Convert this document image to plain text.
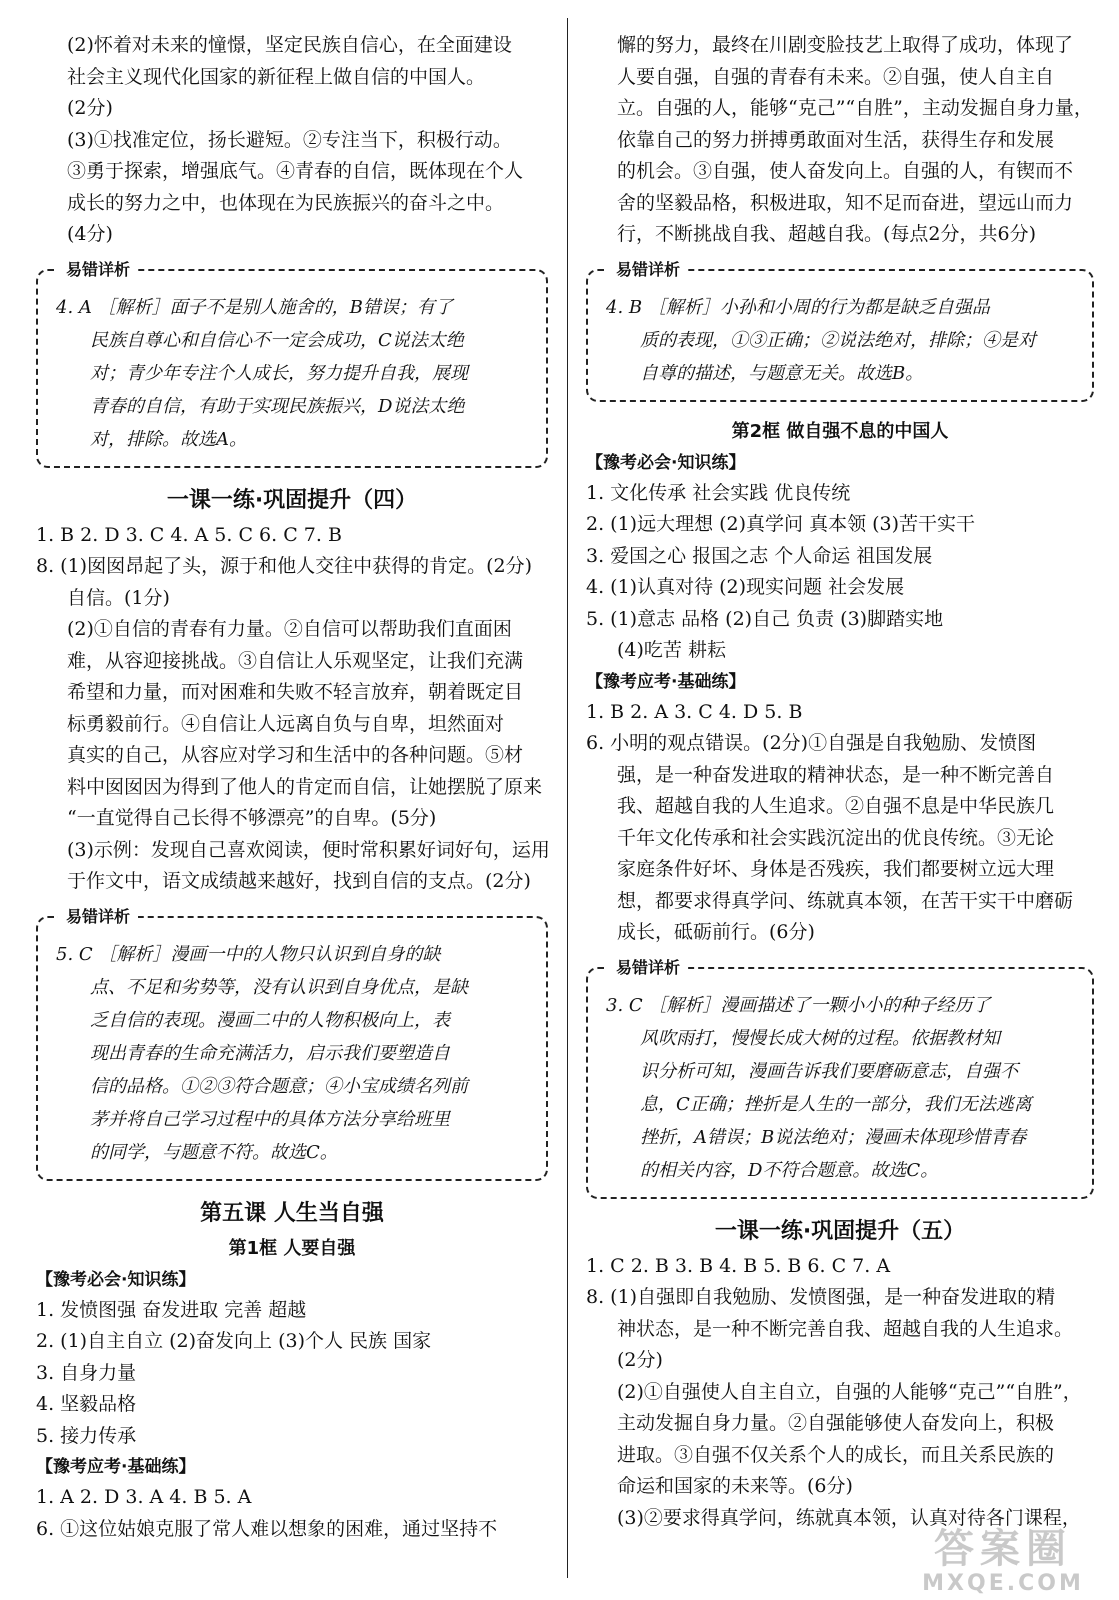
(2)怀着对未来的憧憬，坚定民族自信心，在全面建设
社会主义现代化国家的新征程上做自信的中国人。
(2分)
(3)①找准定位，扬长避短。②专注当下，积极行动。
③勇于探索，增强底气。④青春的自信，既体现在个人
成长的努力之中，也体现在为民族振兴的奋斗之中。
(4分)
易错详析
4. A ［解析］面子不是别人施舍的，B错误；有了
民族自尊心和自信心不一定会成功，C说法太绝
对；青少年专注个人成长，努力提升自我，展现
青春的自信，有助于实现民族振兴，D说法太绝
对，排除。故选A。
一课一练·巩固提升（四）
1. B 2. D 3. C 4. A 5. C 6. C 7. B
8. (1)囡囡昂起了头，源于和他人交往中获得的肯定。(2分)
自信。(1分)
(2)①自信的青春有力量。②自信可以帮助我们直面困
难，从容迎接挑战。③自信让人乐观坚定，让我们充满
希望和力量，而对困难和失败不轻言放弃，朝着既定目
标勇毅前行。④自信让人远离自负与自卑，坦然面对
真实的自己，从容应对学习和生活中的各种问题。⑤材
料中囡囡因为得到了他人的肯定而自信，让她摆脱了原来
“一直觉得自己长得不够漂亮”的自卑。(5分)
(3)示例：发现自己喜欢阅读，便时常积累好词好句，运用
于作文中，语文成绩越来越好，找到自信的支点。(2分)
易错详析
5. C ［解析］漫画一中的人物只认识到自身的缺
点、不足和劣势等，没有认识到自身优点，是缺
乏自信的表现。漫画二中的人物积极向上，表
现出青春的生命充满活力，启示我们要塑造自
信的品格。①②③符合题意；④小宝成绩名列前
茅并将自己学习过程中的具体方法分享给班里
的同学，与题意不符。故选C。
第五课 人生当自强
第1框 人要自强
【豫考必会·知识练】
1. 发愤图强 奋发进取 完善 超越
2. (1)自主自立 (2)奋发向上 (3)个人 民族 国家
3. 自身力量
4. 坚毅品格
5. 接力传承
【豫考应考·基础练】
1. A 2. D 3. A 4. B 5. A
6. ①这位姑娘克服了常人难以想象的困难，通过坚持不
懈的努力，最终在川剧变脸技艺上取得了成功，体现了
人要自强，自强的青春有未来。②自强，使人自主自
立。自强的人，能够“克己”“自胜”，主动发掘自身力量，
依靠自己的努力拼搏勇敢面对生活，获得生存和发展
的机会。③自强，使人奋发向上。自强的人，有锲而不
舍的坚毅品格，积极进取，知不足而奋进，望远山而力
行，不断挑战自我、超越自我。(每点2分，共6分)
易错详析
4. B ［解析］小孙和小周的行为都是缺乏自强品
质的表现，①③正确；②说法绝对，排除；④是对
自尊的描述，与题意无关。故选B。
第2框 做自强不息的中国人
【豫考必会·知识练】
1. 文化传承 社会实践 优良传统
2. (1)远大理想 (2)真学问 真本领 (3)苦干实干
3. 爱国之心 报国之志 个人命运 祖国发展
4. (1)认真对待 (2)现实问题 社会发展
5. (1)意志 品格 (2)自己 负责 (3)脚踏实地
(4)吃苦 耕耘
【豫考应考·基础练】
1. B 2. A 3. C 4. D 5. B
6. 小明的观点错误。(2分)①自强是自我勉励、发愤图
强，是一种奋发进取的精神状态，是一种不断完善自
我、超越自我的人生追求。②自强不息是中华民族几
千年文化传承和社会实践沉淀出的优良传统。③无论
家庭条件好坏、身体是否残疾，我们都要树立远大理
想，都要求得真学问、练就真本领，在苦干实干中磨砺
成长，砥砺前行。(6分)
易错详析
3. C ［解析］漫画描述了一颗小小的种子经历了
风吹雨打，慢慢长成大树的过程。依据教材知
识分析可知，漫画告诉我们要磨砺意志，自强不
息，C正确；挫折是人生的一部分，我们无法逃离
挫折，A错误；B说法绝对；漫画未体现珍惜青春
的相关内容，D不符合题意。故选C。
一课一练·巩固提升（五）
1. C 2. B 3. B 4. B 5. B 6. C 7. A
8. (1)自强即自我勉励、发愤图强，是一种奋发进取的精
神状态，是一种不断完善自我、超越自我的人生追求。
(2分)
(2)①自强使人自主自立，自强的人能够“克己”“自胜”，
主动发掘自身力量。②自强能够使人奋发向上，积极
进取。③自强不仅关系个人的成长，而且关系民族的
命运和国家的未来等。(6分)
(3)②要求得真学问，练就真本领，认真对待各门课程，
答案圈
MXQE.COM
